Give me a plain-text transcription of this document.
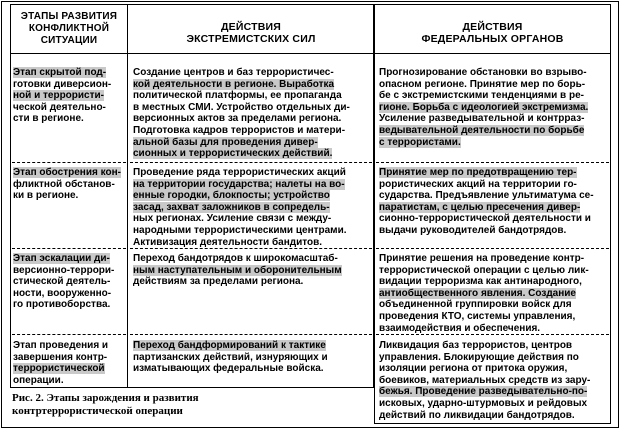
ЭТАПЫ РАЗВИТИЯ
КОНФЛИКТНОЙ
СИТУАЦИИ
ДЕЙСТВИЯ
ЭКСТРЕМИСТСКИХ СИЛ
ДЕЙСТВИЯ
ФЕДЕРАЛЬНЫХ ОРГАНОВ
Этап скрытой под-
готовки диверсион-
ной и террористи-
ческой деятельно-
сти в регионе.
Создание центров и баз террористичес-
кой деятельности в регионе. Выработка
политической платформы, ее пропаганда
в местных СМИ. Устройство отдельных ди-
версионных актов за пределами региона.
Подготовка кадров террористов и матери-
альной базы для проведения дивер-
сионных и террористических действий.
Прогнозирование обстановки во взрыво-
опасном регионе. Принятие мер по борь-
бе с экстремистскими тенденциями в ре-
гионе. Борьба с идеологией экстремизма.
Усиление разведывательной и контрраз-
ведывательной деятельности по борьбе
с террористами.
Этап обострения кон-
фликтной обстанов-
ки в регионе.
Проведение ряда террористических акций
на территории государства; налеты на во-
енные городки, блокпосты; устройство
засад, захват заложников в сопредель-
ных регионах. Усиление связи с между-
народными террористическими центрами.
Активизация деятельности бандитов.
Принятие мер по предотвращению тер-
рористических акций на территории го-
сударства. Предъявление ультиматума се-
паратистам, с целью пресечения дивер-
сионно-террористической деятельности и
выдачи руководителей бандотрядов.
Этап эскалации ди-
версионно-террори-
стической деятель-
ности, вооруженно-
го противоборства.
Переход бандотрядов к широкомасштаб-
ным наступательным и оборонительным
действиям за пределами региона.
Принятие решения на проведение контр-
террористической операции с целью лик-
видации терроризма как антинародного,
антиобщественного явления. Создание
объединенной группировки войск для
проведения КТО, системы управления,
взаимодействия и обеспечения.
Этап проведения и
завершения контр-
террористической
операции.
Переход бандформирований к тактике
партизанских действий, изнуряющих и
изматывающих федеральные войска.
Ликвидация баз террористов, центров
управления. Блокирующие действия по
изоляции региона от притока оружия,
боевиков, материальных средств из зару-
бежья. Проведение разведывательно-по-
исковых, ударно-штурмовых и рейдовых
действий по ликвидации бандотрядов.
Рис. 2. Этапы зарождения и развития
контртеррористической операции
